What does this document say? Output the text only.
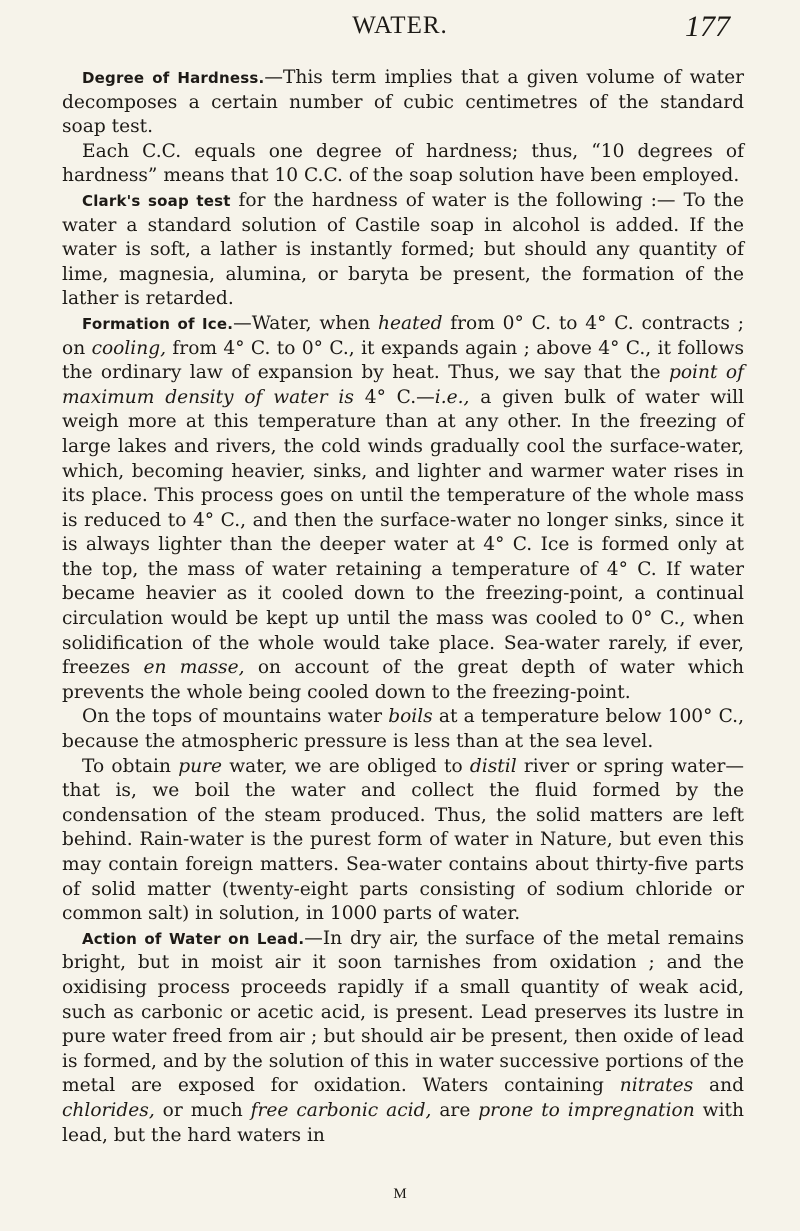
WATER.	177

Degree of Hardness.—This term implies that a given volume of water decomposes a certain number of cubic centimetres of the standard soap test.

Each C.C. equals one degree of hardness; thus, “10 degrees of hardness” means that 10 C.C. of the soap solution have been employed.

Clark's soap test for the hardness of water is the following :— To the water a standard solution of Castile soap in alcohol is added. If the water is soft, a lather is instantly formed; but should any quantity of lime, magnesia, alumina, or baryta be present, the formation of the lather is retarded.

Formation of Ice.—Water, when heated from 0° C. to 4° C. contracts ; on cooling, from 4° C. to 0° C., it expands again ; above 4° C., it follows the ordinary law of expansion by heat. Thus, we say that the point of maximum density of water is 4° C.—i.e., a given bulk of water will weigh more at this temperature than at any other. In the freezing of large lakes and rivers, the cold winds gradually cool the surface-water, which, becoming heavier, sinks, and lighter and warmer water rises in its place. This process goes on until the temperature of the whole mass is reduced to 4° C., and then the surface-water no longer sinks, since it is always lighter than the deeper water at 4° C. Ice is formed only at the top, the mass of water retaining a temperature of 4° C. If water became heavier as it cooled down to the freezing-point, a continual circulation would be kept up until the mass was cooled to 0° C., when solidification of the whole would take place. Sea-water rarely, if ever, freezes en masse, on account of the great depth of water which prevents the whole being cooled down to the freezing-point.

On the tops of mountains water boils at a temperature below 100° C., because the atmospheric pressure is less than at the sea level.

To obtain pure water, we are obliged to distil river or spring water—that is, we boil the water and collect the fluid formed by the condensation of the steam produced. Thus, the solid matters are left behind. Rain-water is the purest form of water in Nature, but even this may contain foreign matters. Sea-water contains about thirty-five parts of solid matter (twenty-eight parts consisting of sodium chloride or common salt) in solution, in 1000 parts of water.

Action of Water on Lead.—In dry air, the surface of the metal remains bright, but in moist air it soon tarnishes from oxidation ; and the oxidising process proceeds rapidly if a small quantity of weak acid, such as carbonic or acetic acid, is present. Lead preserves its lustre in pure water freed from air ; but should air be present, then oxide of lead is formed, and by the solution of this in water successive portions of the metal are exposed for oxidation. Waters containing nitrates and chlorides, or much free carbonic acid, are prone to impregnation with lead, but the hard waters in

M
